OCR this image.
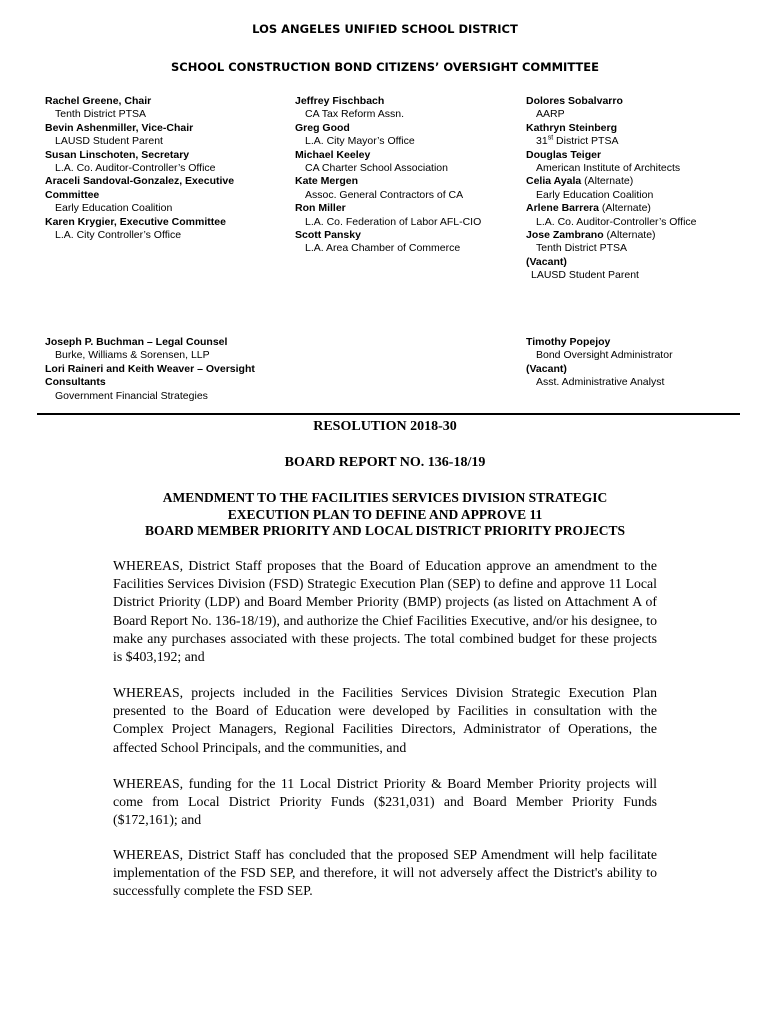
LOS ANGELES UNIFIED SCHOOL DISTRICT
SCHOOL CONSTRUCTION BOND CITIZENS’ OVERSIGHT COMMITTEE
Rachel Greene, Chair
Tenth District PTSA
Bevin Ashenmiller, Vice-Chair
LAUSD Student Parent
Susan Linschoten, Secretary
L.A. Co. Auditor-Controller’s Office
Araceli Sandoval-Gonzalez, Executive
Committee
Early Education Coalition
Karen Krygier, Executive Committee
L.A. City Controller’s Office
Jeffrey Fischbach
CA Tax Reform Assn.
Greg Good
L.A. City Mayor’s Office
Michael Keeley
CA Charter School Association
Kate Mergen
Assoc. General Contractors of CA
Ron Miller
L.A. Co. Federation of Labor AFL-CIO
Scott Pansky
L.A. Area Chamber of Commerce
Dolores Sobalvarro
AARP
Kathryn Steinberg
31st District PTSA
Douglas Teiger
American Institute of Architects
Celia Ayala (Alternate)
Early Education Coalition
Arlene Barrera (Alternate)
L.A. Co. Auditor-Controller’s Office
Jose Zambrano (Alternate)
Tenth District PTSA
(Vacant)
LAUSD Student Parent
Joseph P. Buchman – Legal Counsel
Burke, Williams & Sorensen, LLP
Lori Raineri and Keith Weaver – Oversight
Consultants
Government Financial Strategies
Timothy Popejoy
Bond Oversight Administrator
(Vacant)
Asst. Administrative Analyst
RESOLUTION 2018-30
BOARD REPORT NO. 136-18/19
AMENDMENT TO THE FACILITIES SERVICES DIVISION STRATEGIC
EXECUTION PLAN TO DEFINE AND APPROVE 11
BOARD MEMBER PRIORITY AND LOCAL DISTRICT PRIORITY PROJECTS

WHEREAS, District Staff proposes that the Board of Education approve an amendment to the Facilities Services Division (FSD) Strategic Execution Plan (SEP) to define and approve 11 Local District Priority (LDP) and Board Member Priority (BMP) projects (as listed on Attachment A of Board Report No. 136-18/19), and authorize the Chief Facilities Executive, and/or his designee, to make any purchases associated with these projects. The total combined budget for these projects is $403,192; and

WHEREAS, projects included in the Facilities Services Division Strategic Execution Plan presented to the Board of Education were developed by Facilities in consultation with the Complex Project Managers, Regional Facilities Directors, Administrator of Operations, the affected School Principals, and the communities, and

WHEREAS, funding for the 11 Local District Priority & Board Member Priority projects will come from Local District Priority Funds ($231,031) and Board Member Priority Funds ($172,161); and

WHEREAS, District Staff has concluded that the proposed SEP Amendment will help facilitate implementation of the FSD SEP, and therefore, it will not adversely affect the District's ability to successfully complete the FSD SEP.
